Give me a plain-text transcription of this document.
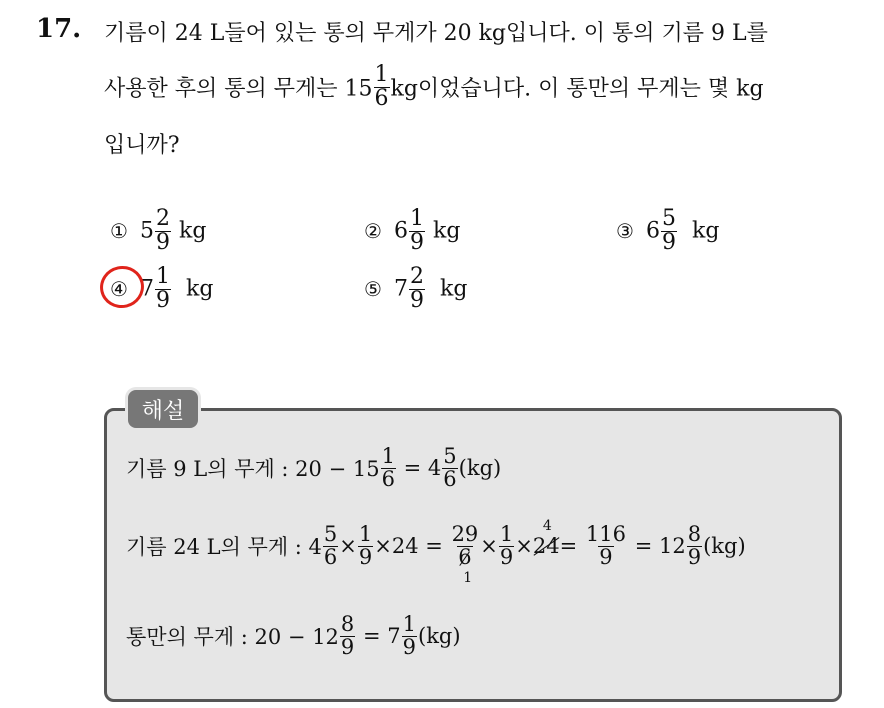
17. 기름이 24 L들어 있는 통의 무게가 20 kg입니다. 이 통의 기름 9 L를
사용한 후의 통의 무게는 $15 \frac{1}{6}$ kg이었습니다. 이 통만의 무게는 몇 kg
입니까?
① $5 \frac{2}{9}$ kg	② $6 \frac{1}{9}$ kg	③ $6 \frac{5}{9}$ kg
④ $7 \frac{1}{9}$ kg	⑤ $7 \frac{2}{9}$ kg
해설
기름 9 L의 무게 : $20 - 15 \frac{1}{6} = 4 \frac{5}{6} (kg)$
기름 24 L의 무게 : $4 \frac{5}{6} \times \frac{1}{9} \times 24 = 29$
6
$1 \times \frac{1}{9}$ ×
4
$24= \frac{116}{9} = 12 \frac{8}{9} (kg)$
통만의 무게 : $20 - 12 \frac{8}{9} = 7 \frac{1}{9} (kg)$
